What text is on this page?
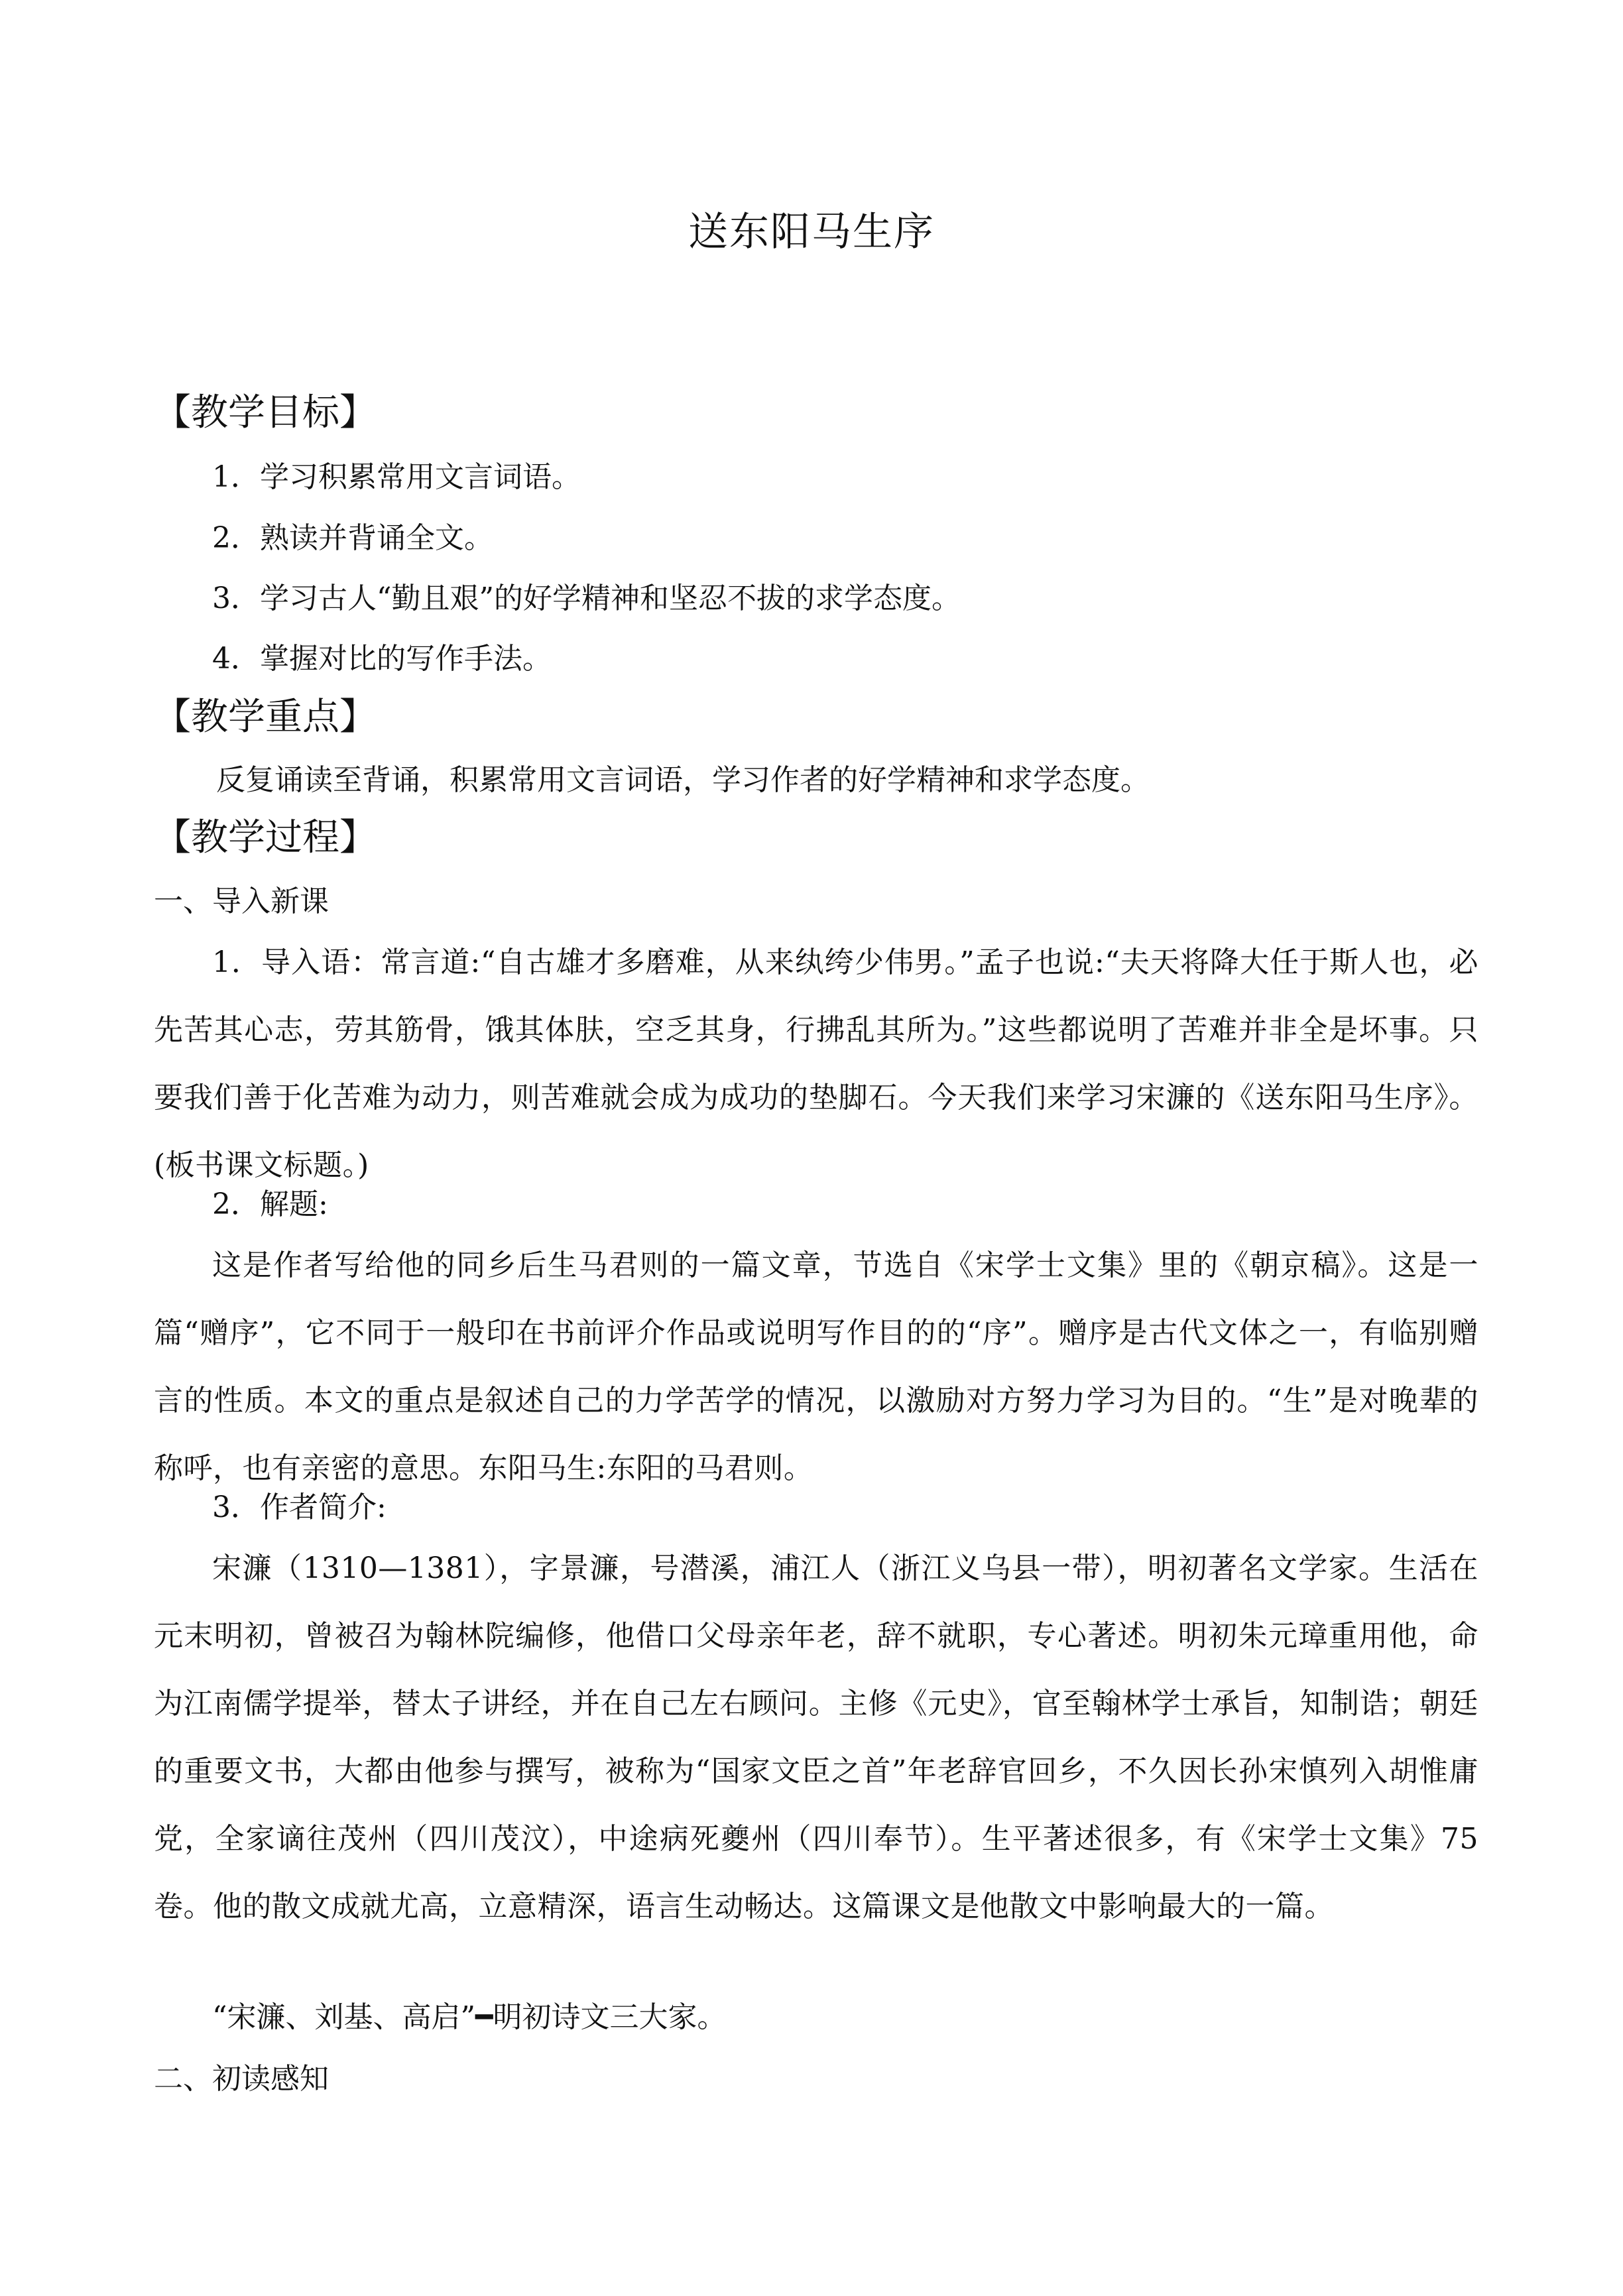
送东阳马生序
【教学目标】

1．学习积累常用文言词语。

2．熟读并背诵全文。

3．学习古人“勤且艰”的好学精神和坚忍不拔的求学态度。

4．掌握对比的写作手法。

【教学重点】

反复诵读至背诵，积累常用文言词语，学习作者的好学精神和求学态度。

【教学过程】

一、导入新课

1．导入语：常言道:“自古雄才多磨难，从来纨绔少伟男。”孟子也说:“夫天将降大任于斯人也，必先苦其心志，劳其筋骨，饿其体肤，空乏其身，行拂乱其所为。”这些都说明了苦难并非全是坏事。只要我们善于化苦难为动力，则苦难就会成为成功的垫脚石。今天我们来学习宋濂的《送东阳马生序》。(板书课文标题。)

2．解题:

这是作者写给他的同乡后生马君则的一篇文章，节选自《宋学士文集》里的《朝京稿》。这是一篇“赠序”，它不同于一般印在书前评介作品或说明写作目的的“序”。赠序是古代文体之一，有临别赠言的性质。本文的重点是叙述自己的力学苦学的情况，以激励对方努力学习为目的。“生”是对晚辈的称呼，也有亲密的意思。东阳马生:东阳的马君则。

3．作者简介:

宋濂（1310—1381），字景濂，号潜溪，浦江人（浙江义乌县一带），明初著名文学家。生活在元末明初，曾被召为翰林院编修，他借口父母亲年老，辞不就职，专心著述。明初朱元璋重用他，命为江南儒学提举，替太子讲经，并在自己左右顾问。主修《元史》，官至翰林学士承旨，知制诰；朝廷的重要文书，大都由他参与撰写，被称为“国家文臣之首”年老辞官回乡，不久因长孙宋慎列入胡惟庸党，全家谪往茂州（四川茂汶），中途病死夔州（四川奉节）。生平著述很多，有《宋学士文集》75 卷。他的散文成就尤高，立意精深，语言生动畅达。这篇课文是他散文中影响最大的一篇。

“宋濂、刘基、高启”━明初诗文三大家。

二、初读感知
